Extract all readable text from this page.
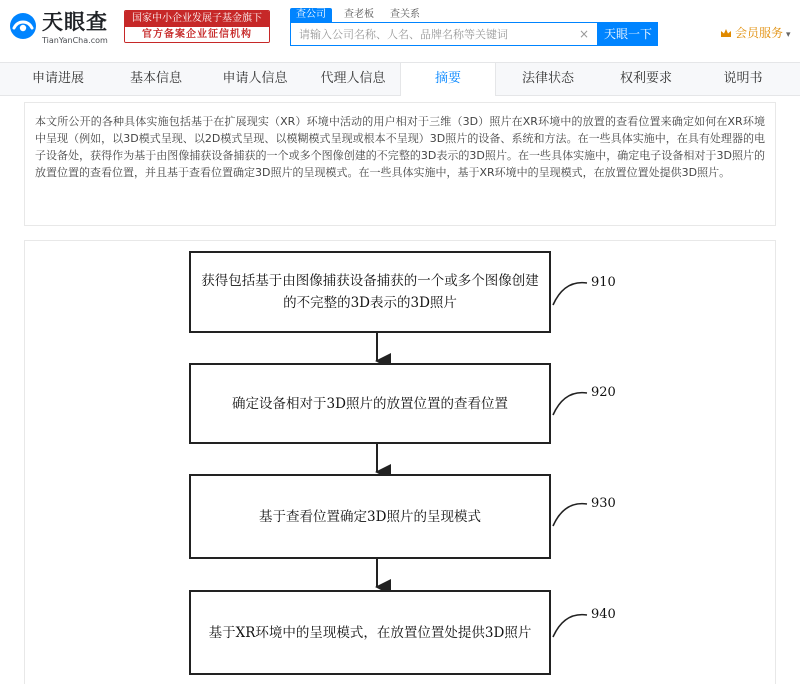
天眼查
TianYanCha.com
国家中小企业发展子基金旗下
官方备案企业征信机构
查公司	查老板 查关系
请输入公司名称、人名、品牌名称等关键词
×	天眼一下	会员服务 ▾
申请进展	基本信息	申请人信息	代理人信息	摘要	法律状态	权利要求	说明书

本文所公开的各种具体实施包括基于在扩展现实（XR）环境中活动的用户相对于三维（3D）照片在XR环境中的放置的查看位置来确定如何在XR环境中呈现（例如，以3D模式呈现、以2D模式呈现、以模糊模式呈现或根本不呈现）3D照片的设备、系统和方法。在一些具体实施中，在具有处理器的电子设备处，获得作为基于由图像捕获设备捕获的一个或多个图像创建的不完整的3D表示的3D照片。在一些具体实施中，确定电子设备相对于3D照片的放置位置的查看位置，并且基于查看位置确定3D照片的呈现模式。在一些具体实施中，基于XR环境中的呈现模式，在放置位置处提供3D照片。

获得包括基于由图像捕获设备捕获的一个或多个图像创建的不完整的3D表示的3D照片
910
确定设备相对于3D照片的放置位置的查看位置
920
基于查看位置确定3D照片的呈现模式
930
基于XR环境中的呈现模式，在放置位置处提供3D照片
940
